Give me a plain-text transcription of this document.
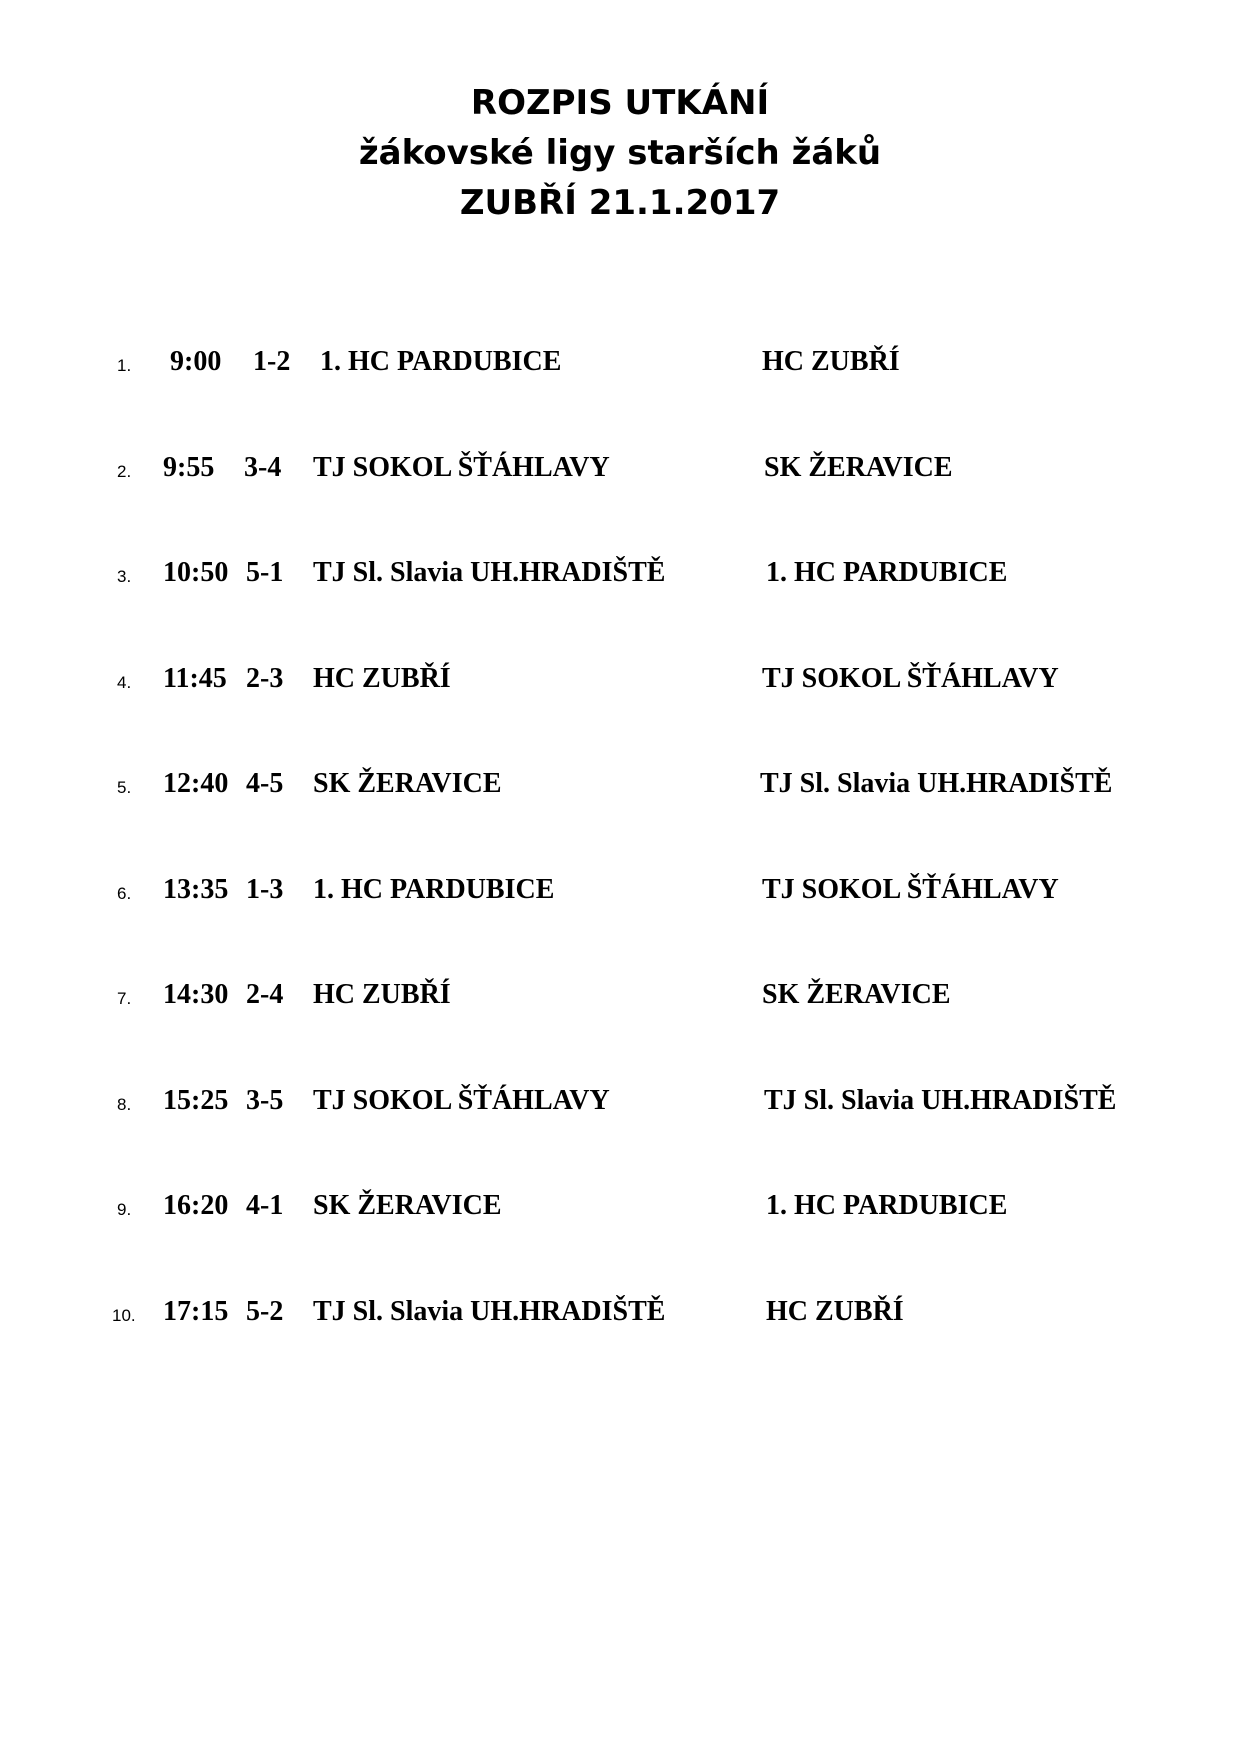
ROZPIS UTKÁNÍ
žákovské ligy starších žáků
ZUBŘÍ 21.1.2017
1. 9:00 1-2 1. HC PARDUBICE	HC ZUBŘÍ
2. 9:55 3-4 TJ SOKOL ŠŤÁHLAVY	SK ŽERAVICE
3. 10:50 5-1 TJ Sl. Slavia UH.HRADIŠTĚ	1. HC PARDUBICE
4. 11:45 2-3 HC ZUBŘÍ	TJ SOKOL ŠŤÁHLAVY
5. 12:40 4-5 SK ŽERAVICE	TJ Sl. Slavia UH.HRADIŠTĚ
6. 13:35 1-3 1. HC PARDUBICE	TJ SOKOL ŠŤÁHLAVY
7. 14:30 2-4 HC ZUBŘÍ	SK ŽERAVICE
8. 15:25 3-5 TJ SOKOL ŠŤÁHLAVY	TJ Sl. Slavia UH.HRADIŠTĚ
9. 16:20 4-1 SK ŽERAVICE	1. HC PARDUBICE
10. 17:15 5-2 TJ Sl. Slavia UH.HRADIŠTĚ	HC ZUBŘÍ
